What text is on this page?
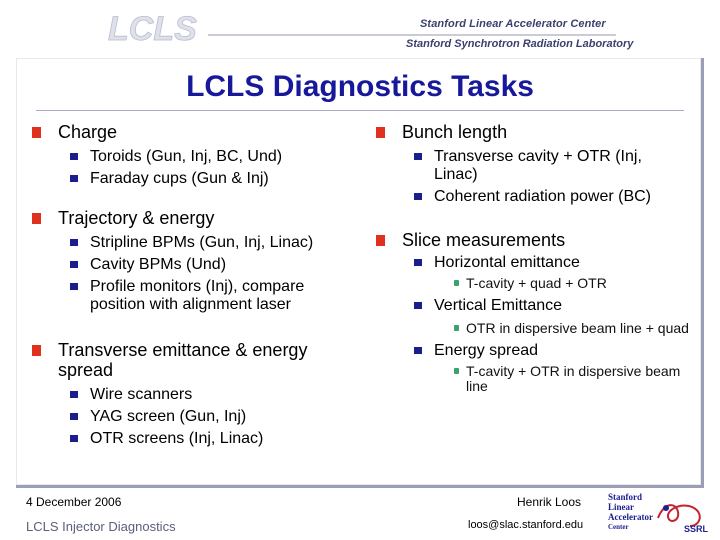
LCLS	Stanford Linear Accelerator Center
Stanford Synchrotron Radiation Laboratory
LCLS Diagnostics Tasks
Charge
Toroids (Gun, Inj, BC, Und)
Faraday cups (Gun & Inj)
Trajectory & energy
Stripline BPMs (Gun, Inj, Linac)
Cavity BPMs (Und)
Profile monitors (Inj), compare position with alignment laser
Transverse emittance & energy spread
Wire scanners
YAG screen (Gun, Inj)
OTR screens (Inj, Linac)
Bunch length
Transverse cavity + OTR (Inj, Linac)
Coherent radiation power (BC)
Slice measurements
Horizontal emittance
T-cavity + quad + OTR
Vertical Emittance
OTR in dispersive beam line + quad
Energy spread
T-cavity + OTR in dispersive beam line
4 December 2006
LCLS Injector Diagnostics
Henrik Loos
loos@slac.stanford.edu
Stanford
Linear
Accelerator
Center	SSRL
